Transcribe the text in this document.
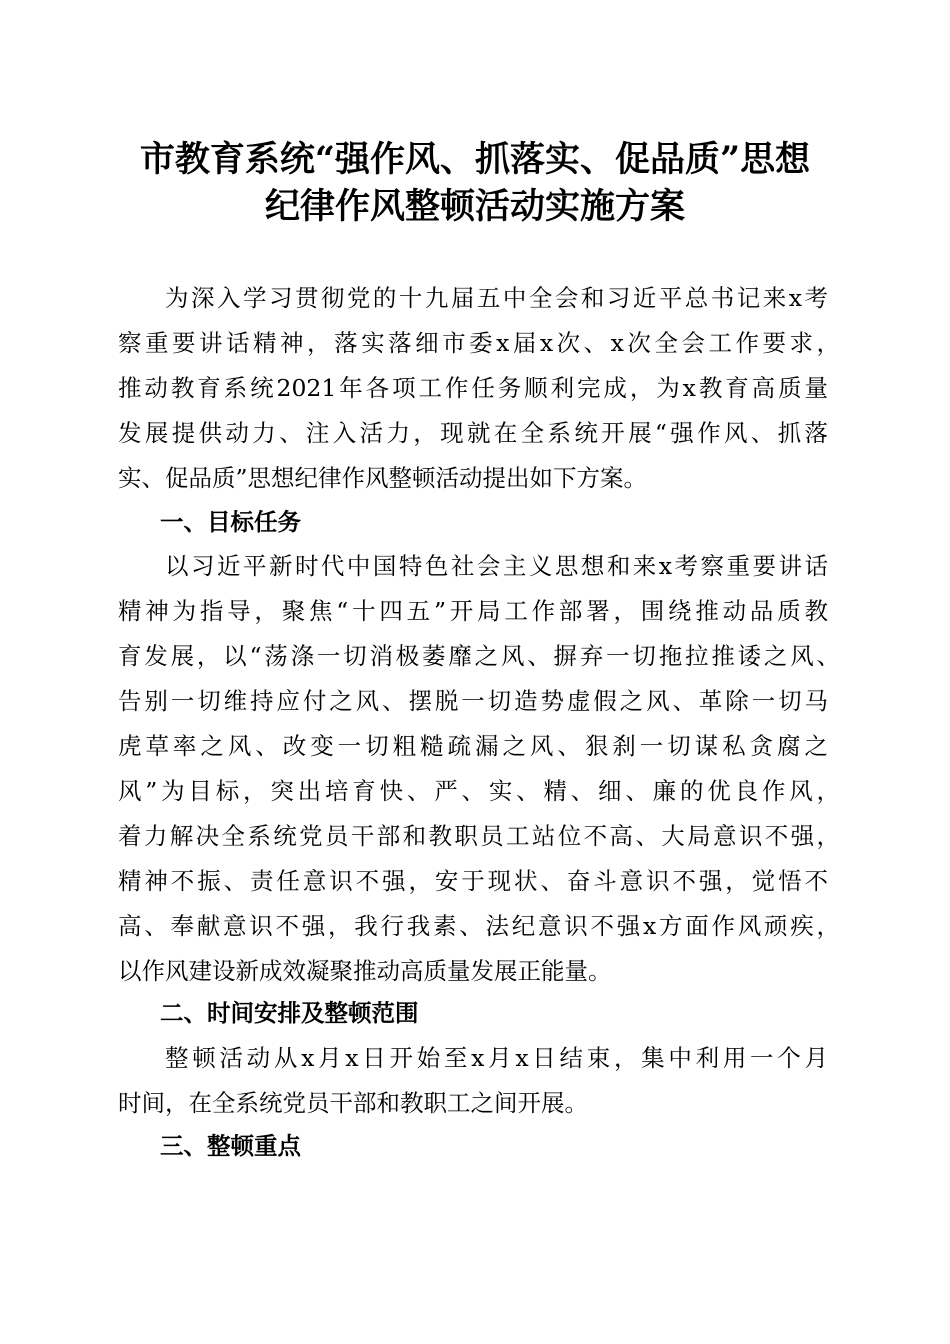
市教育系统“强作风、抓落实、促品质”思想
纪律作风整顿活动实施方案
为深入学习贯彻党的十九届五中全会和习近平总书记来x考
察重要讲话精神，落实落细市委x届x次、x次全会工作要求，
推动教育系统2021年各项工作任务顺利完成，为x教育高质量
发展提供动力、注入活力，现就在全系统开展“强作风、抓落
实、促品质”思想纪律作风整顿活动提出如下方案。
一、目标任务
以习近平新时代中国特色社会主义思想和来x考察重要讲话
精神为指导，聚焦“十四五”开局工作部署，围绕推动品质教
育发展，以“荡涤一切消极萎靡之风、摒弃一切拖拉推诿之风、
告别一切维持应付之风、摆脱一切造势虚假之风、革除一切马
虎草率之风、改变一切粗糙疏漏之风、狠刹一切谋私贪腐之
风”为目标，突出培育快、严、实、精、细、廉的优良作风，
着力解决全系统党员干部和教职员工站位不高、大局意识不强，
精神不振、责任意识不强，安于现状、奋斗意识不强，觉悟不
高、奉献意识不强，我行我素、法纪意识不强x方面作风顽疾，
以作风建设新成效凝聚推动高质量发展正能量。
二、时间安排及整顿范围
整顿活动从x月x日开始至x月x日结束，集中利用一个月
时间，在全系统党员干部和教职工之间开展。
三、整顿重点
